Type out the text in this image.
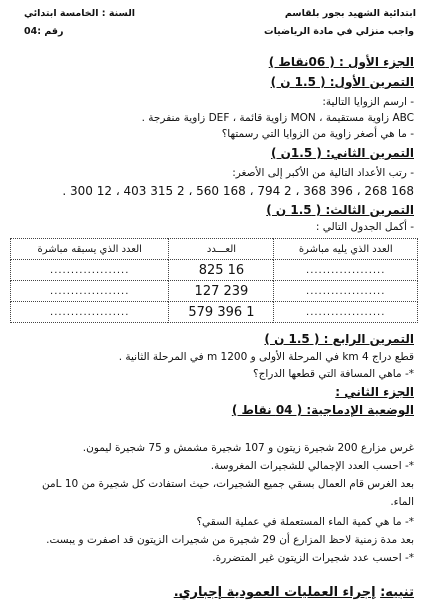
ابتدائية الشهيد بجور بلقاسم
واجب منزلي في مادة الرياضيات
السنة : الخامسة ابتدائي
رقم :04
الجزء الأول : ( 06نقاط )
التمرين الأول: ( 1.5 ن )
- ارسم الزوايا التالية:
ABC زاوية مستقيمة ، MON زاوية قائمة ، DEF زاوية منفرجة .
- ما هي أصغر زاوية من الزوايا التي رسمتها؟
التمرين الثاني: ( 1.5ن )
- رتب الأعداد التالية من الأكبر إلى الأصغر:
168 268 ، 396 368 ، 2 794 ، 168 560 ، 2 315 403 ، 12 300 .
التمرين الثالث: ( 1.5 ن )
- أكمل الجدول التالي :
العدد الذي يليه مباشرة	العـــدد	العدد الذي يسبقه مباشرة
...................	16 825	...................
...................	239 127	...................
...................	1 396 579	...................
التمرين الرابع : ( 1.5 ن )
قطع دراج 4 km في المرحلة الأولى و 1200 m في المرحلة الثانية .
*- ماهي المسافة التي قطعها الدراج؟
الجزء الثاني :
الوضعية الإدماجية: ( 04 نقاط )
غرس مزارع 200 شجيرة زيتون و 107 شجيرة مشمش و 75 شجيرة ليمون.
*- احسب العدد الإجمالي للشجيرات المغروسة.
بعد الغرس قام العمال بسقي جميع الشجيرات، حيث استفادت كل شجيرة من L 10من
الماء.
*- ما هي كمية الماء المستعملة في عملية السقي؟
بعد مدة زمنية لاحظ المزارع أن 29 شجيرة من شجيرات الزيتون قد اصفرت و يبست.
*- احسب عدد شجيرات الزيتون غير المتضررة.
تنبيه: إجراء العمليات العمودية إجباري.
